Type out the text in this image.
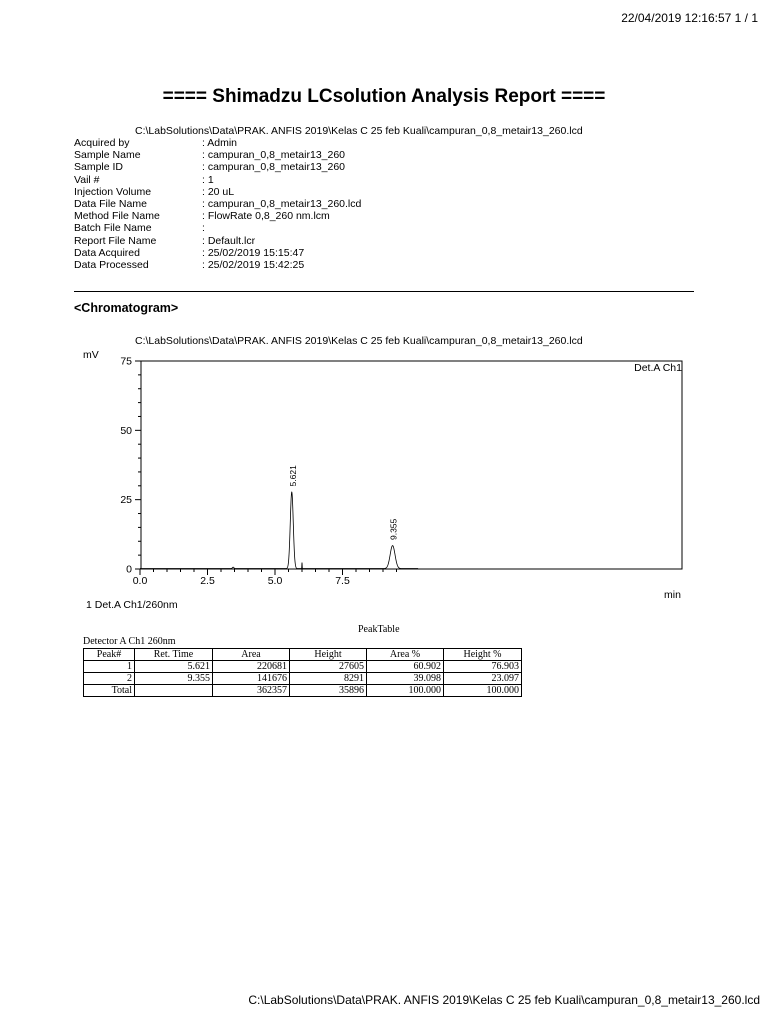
22/04/2019 12:16:57 1 / 1
==== Shimadzu LCsolution Analysis Report ====
C:\LabSolutions\Data\PRAK. ANFIS 2019\Kelas C 25 feb Kuali\campuran_0,8_metair13_260.lcd
Acquired by	: Admin
Sample Name	: campuran_0,8_metair13_260
Sample ID	: campuran_0,8_metair13_260
Vail #	: 1
Injection Volume	: 20 uL
Data File Name	: campuran_0,8_metair13_260.lcd
Method File Name	: FlowRate 0,8_260 nm.lcm
Batch File Name	:
Report File Name	: Default.lcr
Data Acquired	: 25/02/2019 15:15:47
Data Processed	: 25/02/2019 15:42:25
<Chromatogram>
C:\LabSolutions\Data\PRAK. ANFIS 2019\Kelas C 25 feb Kuali\campuran_0,8_metair13_260.lcd
mV
min
Det.A Ch1
0
25
50
75
0.0	2.5	5.0	7.5
5.621
9.355
1 Det.A Ch1/260nm
PeakTable
Detector A Ch1 260nm
Peak#	Ret. Time	Area	Height	Area %	Height %
1	5.621	220681	27605	60.902	76.903
2	9.355	141676	8291	39.098	23.097
Total		362357	35896	100.000	100.000
C:\LabSolutions\Data\PRAK. ANFIS 2019\Kelas C 25 feb Kuali\campuran_0,8_metair13_260.lcd
